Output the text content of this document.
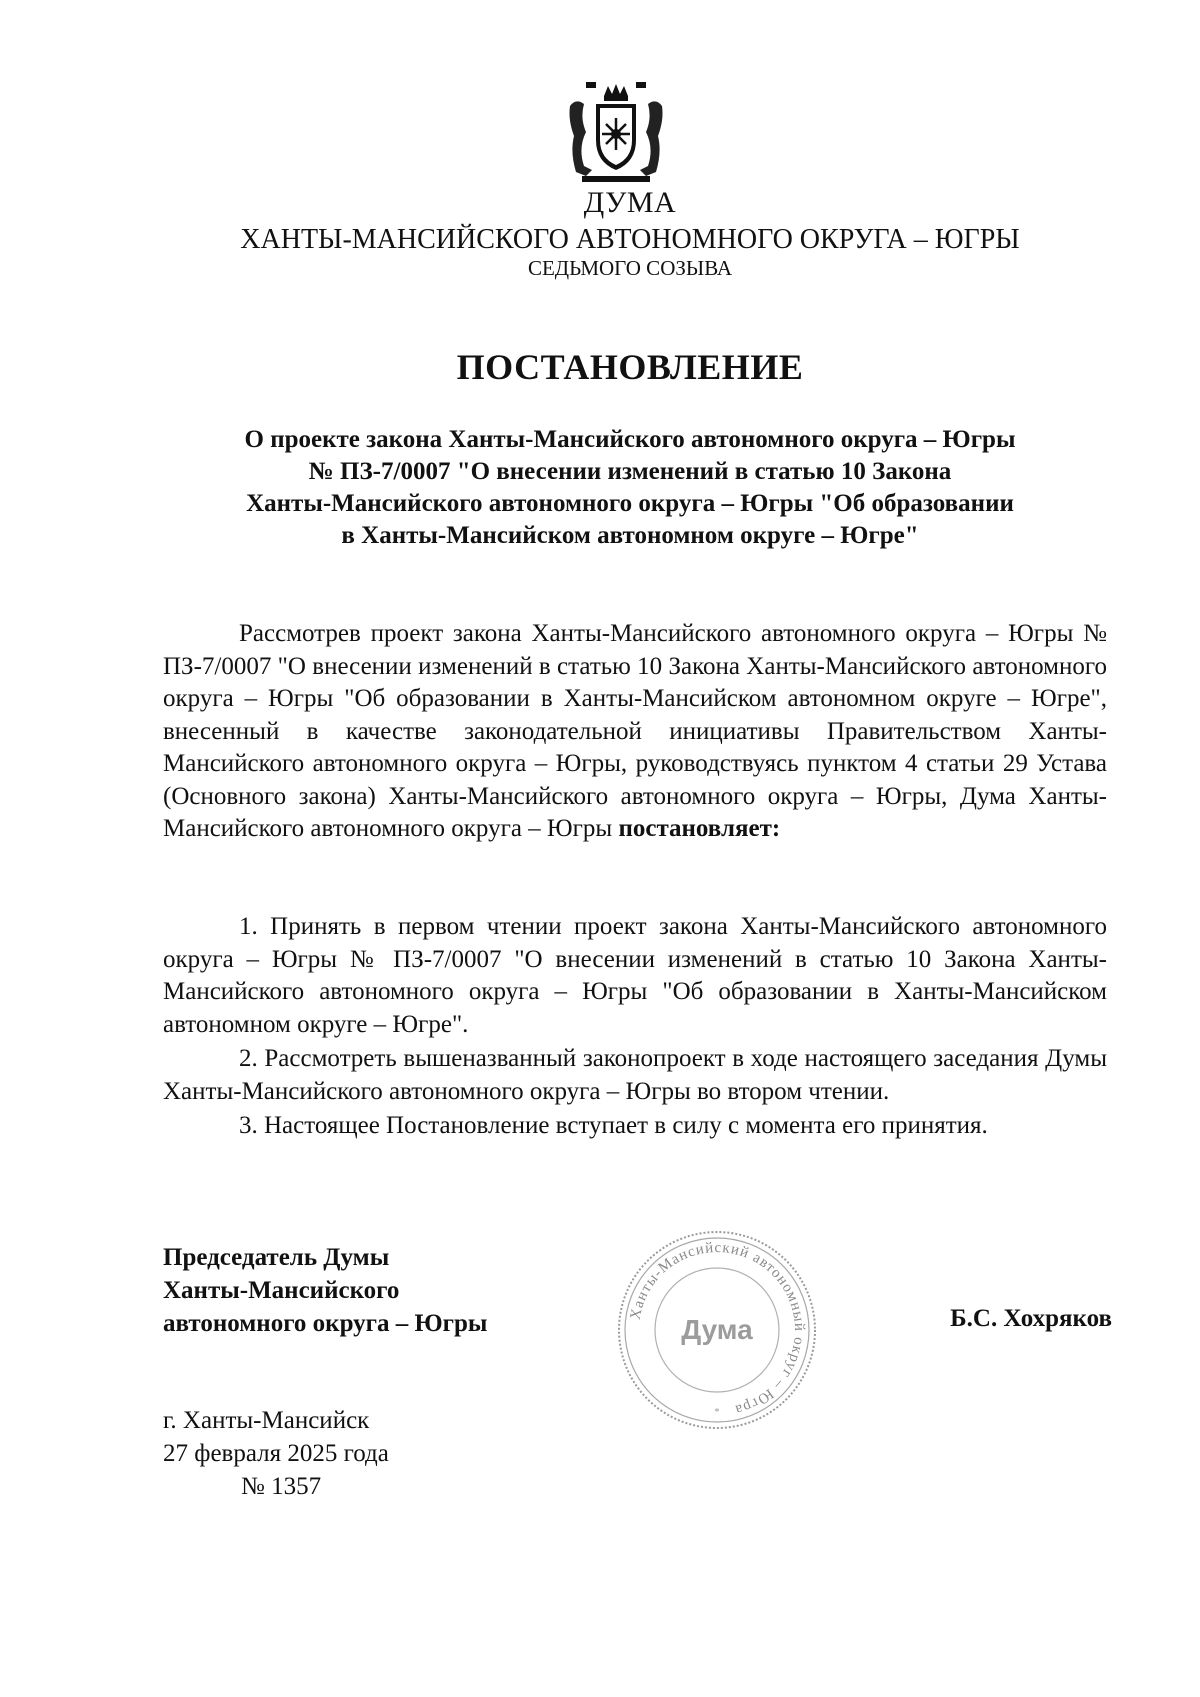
ДУМА
ХАНТЫ-МАНСИЙСКОГО АВТОНОМНОГО ОКРУГА – ЮГРЫ
СЕДЬМОГО СОЗЫВА
ПОСТАНОВЛЕНИЕ
О проекте закона Ханты-Мансийского автономного округа – Югры
№ ПЗ-7/0007 "О внесении изменений в статью 10 Закона
Ханты-Мансийского автономного округа – Югры "Об образовании
в Ханты-Мансийском автономном округе – Югре"

Рассмотрев проект закона Ханты-Мансийского автономного округа – Югры № ПЗ-7/0007 "О внесении изменений в статью 10 Закона Ханты-Мансийского автономного округа – Югры "Об образовании в Ханты-Мансийском автономном округе – Югре", внесенный в качестве законодательной инициативы Правительством Ханты-Мансийского автономного округа – Югры, руководствуясь пунктом 4 статьи 29 Устава (Основного закона) Ханты-Мансийского автономного округа – Югры, Дума Ханты-Мансийского автономного округа – Югры постановляет:

1. Принять в первом чтении проект закона Ханты-Мансийского автономного округа – Югры № ПЗ-7/0007 "О внесении изменений в статью 10 Закона Ханты-Мансийского автономного округа – Югры "Об образовании в Ханты-Мансийском автономном округе – Югре".

2. Рассмотреть вышеназванный законопроект в ходе настоящего заседания Думы Ханты-Мансийского автономного округа – Югры во втором чтении.

3. Настоящее Постановление вступает в силу с момента его принятия.

Председатель Думы
Ханты-Мансийского
автономного округа – Югры	Ханты-Мансийский автономный округ – Югра
Дума
*
Б.С. Хохряков
г. Ханты-Мансийск
27 февраля 2025 года
№ 1357
